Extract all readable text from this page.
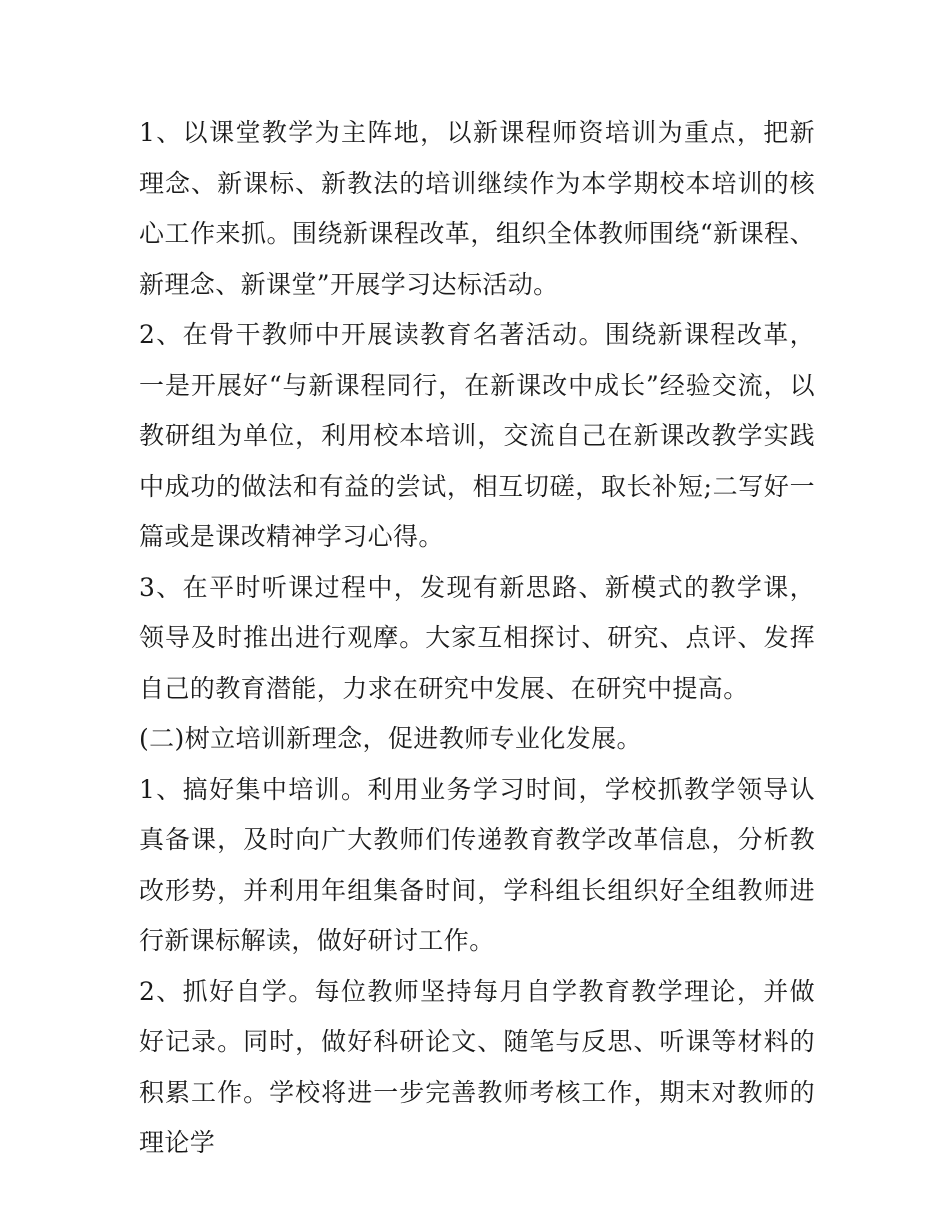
1、以课堂教学为主阵地，以新课程师资培训为重点，把新理念、新课标、新教法的培训继续作为本学期校本培训的核心工作来抓。围绕新课程改革，组织全体教师围绕“新课程、新理念、新课堂”开展学习达标活动。

2、在骨干教师中开展读教育名著活动。围绕新课程改革，一是开展好“与新课程同行，在新课改中成长”经验交流，以教研组为单位，利用校本培训，交流自己在新课改教学实践中成功的做法和有益的尝试，相互切磋，取长补短;二写好一篇或是课改精神学习心得。

3、在平时听课过程中，发现有新思路、新模式的教学课，领导及时推出进行观摩。大家互相探讨、研究、点评、发挥自己的教育潜能，力求在研究中发展、在研究中提高。

(二)树立培训新理念，促进教师专业化发展。

1、搞好集中培训。利用业务学习时间，学校抓教学领导认真备课，及时向广大教师们传递教育教学改革信息，分析教改形势，并利用年组集备时间，学科组长组织好全组教师进行新课标解读，做好研讨工作。

2、抓好自学。每位教师坚持每月自学教育教学理论，并做好记录。同时，做好科研论文、随笔与反思、听课等材料的积累工作。学校将进一步完善教师考核工作，期末对教师的理论学
